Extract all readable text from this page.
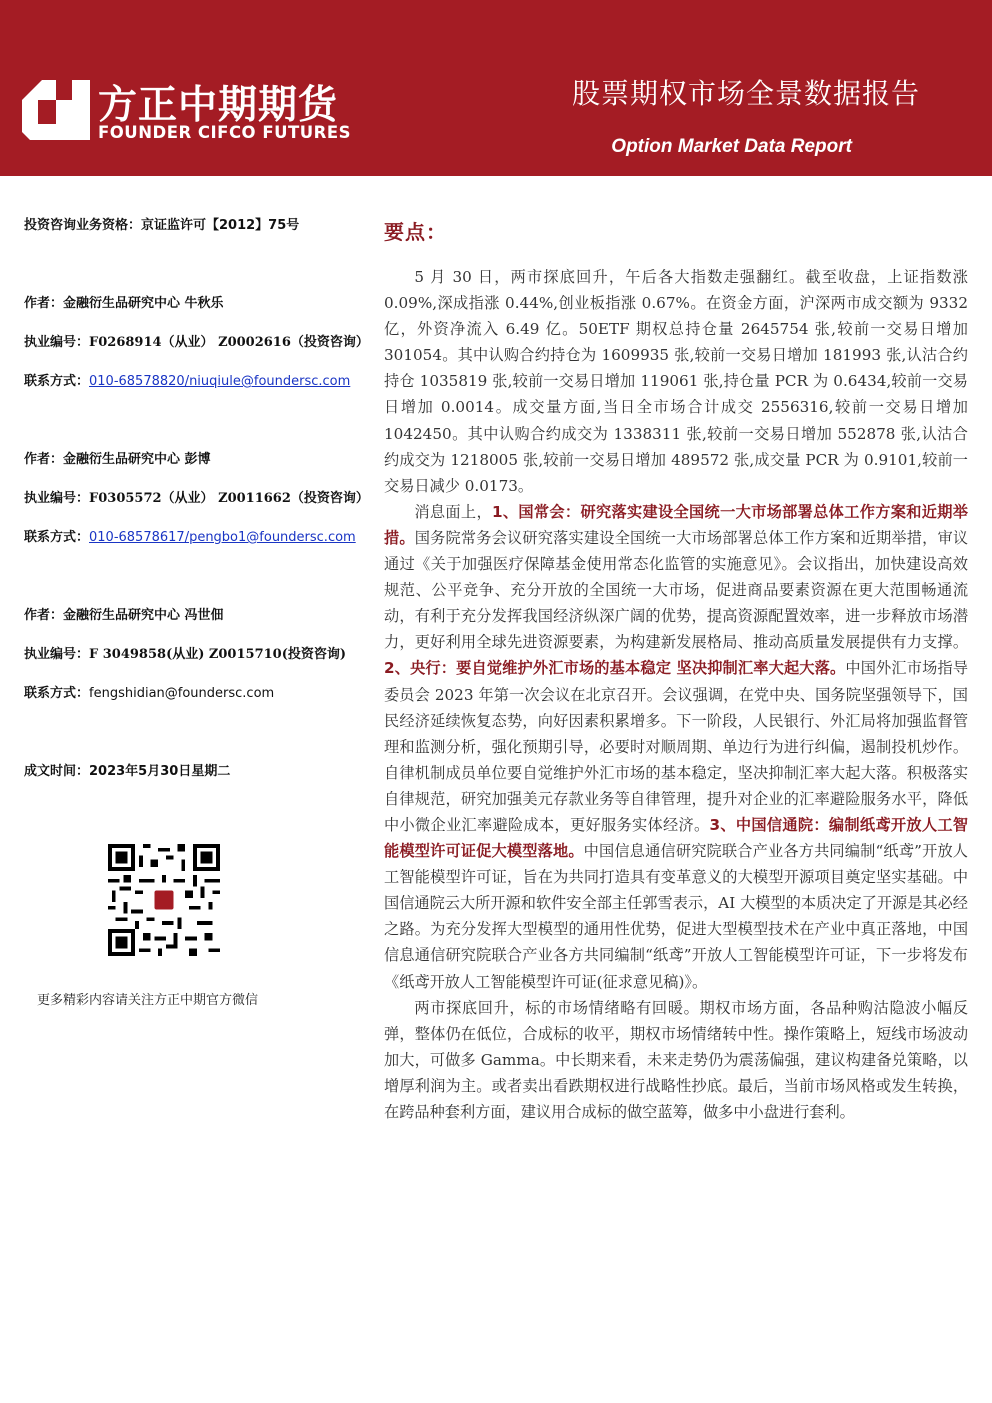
方正中期期货
FOUNDER CIFCO FUTURES
股票期权市场全景数据报告
Option Market Data Report
投资咨询业务资格：京证监许可【2012】75号
作者：金融衍生品研究中心 牛秋乐
执业编号：F0268914（从业） Z0002616（投资咨询）
联系方式：010-68578820/niuqiule@foundersc.com
作者：金融衍生品研究中心 彭博
执业编号：F0305572（从业） Z0011662（投资咨询）
联系方式：010-68578617/pengbo1@foundersc.com
作者：金融衍生品研究中心 冯世佃
执业编号：F 3049858(从业) Z0015710(投资咨询)
联系方式：fengshidian@foundersc.com
成文时间：2023年5月30日星期二
更多精彩内容请关注方正中期官方微信
要点：

5 月 30 日，两市探底回升，午后各大指数走强翻红。截至收盘，上证指数涨 0.09%,深成指涨 0.44%,创业板指涨 0.67%。在资金方面，沪深两市成交额为 9332 亿，外资净流入 6.49 亿。50ETF 期权总持仓量 2645754 张,较前一交易日增加 301054。其中认购合约持仓为 1609935 张,较前一交易日增加 181993 张,认沽合约持仓 1035819 张,较前一交易日增加 119061 张,持仓量 PCR 为 0.6434,较前一交易日增加 0.0014。成交量方面,当日全市场合计成交 2556316,较前一交易日增加 1042450。其中认购合约成交为 1338311 张,较前一交易日增加 552878 张,认沽合约成交为 1218005 张,较前一交易日增加 489572 张,成交量 PCR 为 0.9101,较前一交易日减少 0.0173。

消息面上，1、国常会：研究落实建设全国统一大市场部署总体工作方案和近期举措。国务院常务会议研究落实建设全国统一大市场部署总体工作方案和近期举措，审议通过《关于加强医疗保障基金使用常态化监管的实施意见》。会议指出，加快建设高效规范、公平竞争、充分开放的全国统一大市场，促进商品要素资源在更大范围畅通流动，有利于充分发挥我国经济纵深广阔的优势，提高资源配置效率，进一步释放市场潜力，更好利用全球先进资源要素，为构建新发展格局、推动高质量发展提供有力支撑。2、央行：要自觉维护外汇市场的基本稳定 坚决抑制汇率大起大落。中国外汇市场指导委员会 2023 年第一次会议在北京召开。会议强调，在党中央、国务院坚强领导下，国民经济延续恢复态势，向好因素积累增多。下一阶段，人民银行、外汇局将加强监督管理和监测分析，强化预期引导，必要时对顺周期、单边行为进行纠偏，遏制投机炒作。自律机制成员单位要自觉维护外汇市场的基本稳定，坚决抑制汇率大起大落。积极落实自律规范，研究加强美元存款业务等自律管理，提升对企业的汇率避险服务水平，降低中小微企业汇率避险成本，更好服务实体经济。3、中国信通院：编制纸鸢开放人工智能模型许可证促大模型落地。中国信息通信研究院联合产业各方共同编制“纸鸢”开放人工智能模型许可证，旨在为共同打造具有变革意义的大模型开源项目奠定坚实基础。中国信通院云大所开源和软件安全部主任郭雪表示，AI 大模型的本质决定了开源是其必经之路。为充分发挥大型模型的通用性优势，促进大型模型技术在产业中真正落地，中国信息通信研究院联合产业各方共同编制“纸鸢”开放人工智能模型许可证，下一步将发布《纸鸢开放人工智能模型许可证(征求意见稿)》。

两市探底回升，标的市场情绪略有回暖。期权市场方面，各品种购沽隐波小幅反弹，整体仍在低位，合成标的收平，期权市场情绪转中性。操作策略上，短线市场波动加大，可做多 Gamma。中长期来看，未来走势仍为震荡偏强，建议构建备兑策略，以增厚利润为主。或者卖出看跌期权进行战略性抄底。最后，当前市场风格或发生转换，在跨品种套利方面，建议用合成标的做空蓝筹，做多中小盘进行套利。
